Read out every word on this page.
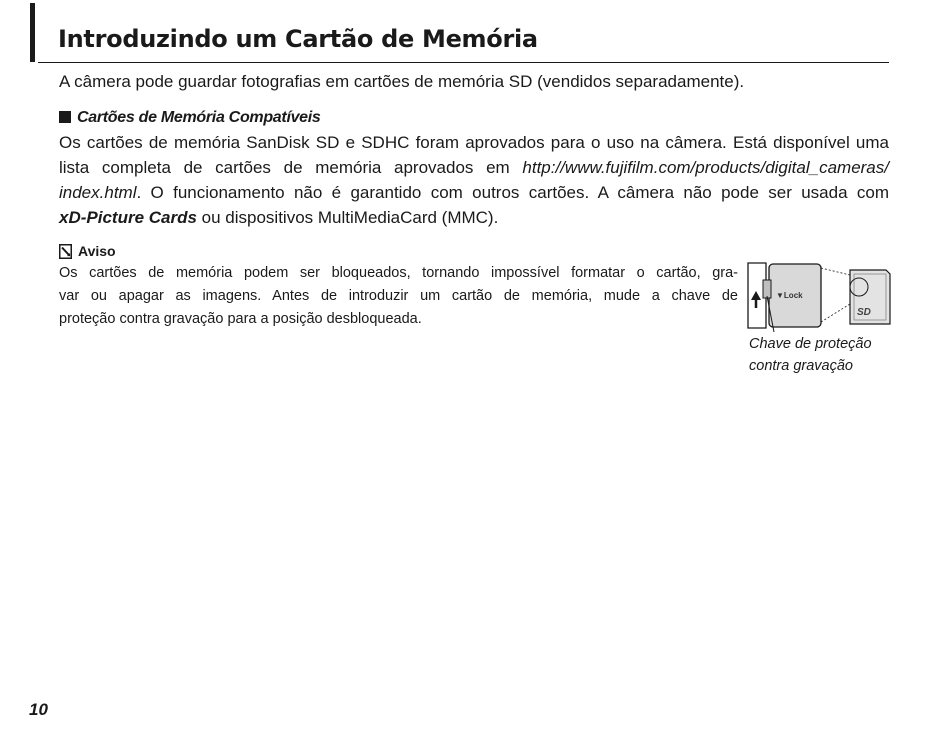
Introduzindo um Cartão de Memória

A câmera pode guardar fotografias em cartões de memória SD (vendidos separadamente).

Cartões de Memória Compatíveis
Os cartões de memória SanDisk SD e SDHC foram aprovados para o uso na câmera. Está disponível uma
lista completa de cartões de memória aprovados em http://www.fujifilm.com/products/digital_cameras/
index.html. O funcionamento não é garantido com outros cartões. A câmera não pode ser usada com
xD-Picture Cards ou dispositivos MultiMediaCard (MMC).
Aviso
Os cartões de memória podem ser bloqueados, tornando impossível formatar o cartão, gra-
var ou apagar as imagens. Antes de introduzir um cartão de memória, mude a chave de
proteção contra gravação para a posição desbloqueada.
▼Lock
SD

Chave de proteção
contra gravação

10
